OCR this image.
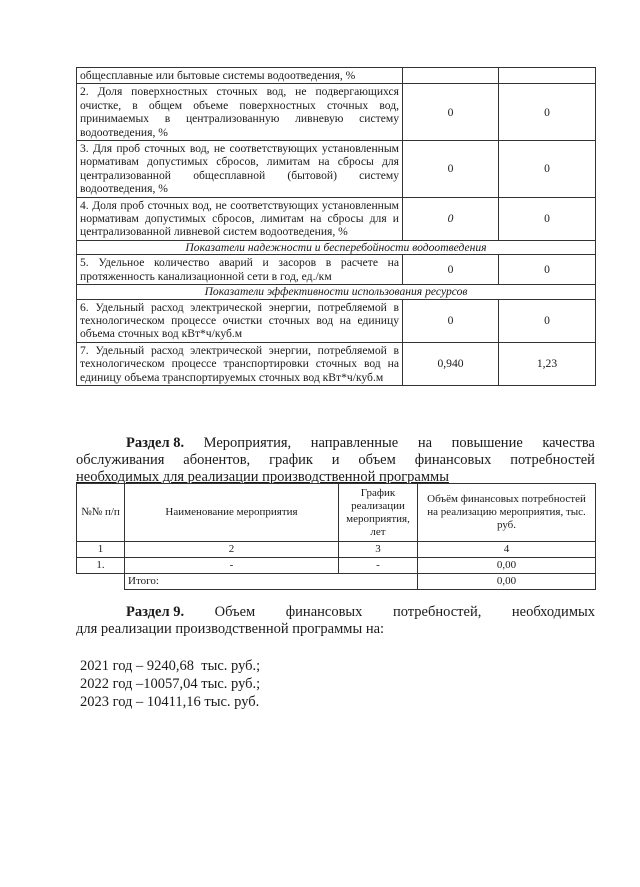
общесплавные или бытовые системы водоотведения, %		
2. Доля поверхностных сточных вод, не подвергающихся очистке, в общем объеме поверхностных сточных вод, принимаемых в централизованную ливневую систему водоотведения, %	0	0
3. Для проб сточных вод, не соответствующих установленным нормативам допустимых сбросов, лимитам на сбросы для централизованной общесплавной (бытовой) систему водоотведения, %	0	0
4. Доля проб сточных вод, не соответствующих установленным нормативам допустимых сбросов, лимитам на сбросы для и централизованной ливневой систем водоотведения, %	0	0
Показатели надежности и бесперебойности водоотведения		
5. Удельное количество аварий и засоров в расчете на протяженность канализационной сети в год, ед./км	0	0
Показатели эффективности использования ресурсов		
6. Удельный расход электрической энергии, потребляемой в технологическом процессе очистки сточных вод на единицу объема сточных вод кВт*ч/куб.м	0	0
7. Удельный расход электрической энергии, потребляемой в технологическом процессе транспортировки сточных вод на единицу объема транспортируемых сточных вод кВт*ч/куб.м	0,940	1,23
Раздел 8. Мероприятия, направленные на повышение качества
обслуживания абонентов, график и объем финансовых потребностей
необходимых для реализации производственной программы
№№ п/п	Наименование мероприятия	График реализации мероприятия, лет	Объём финансовых потребностей на реализацию мероприятия, тыс. руб.
1	2	3	4
1.	-	-	0,00
	Итого:		0,00
Раздел 9. Объем финансовых потребностей, необходимых
для реализации производственной программы на:
2021 год – 9240,68  тыс. руб.;
2022 год –10057,04 тыс. руб.;
2023 год – 10411,16 тыс. руб.
